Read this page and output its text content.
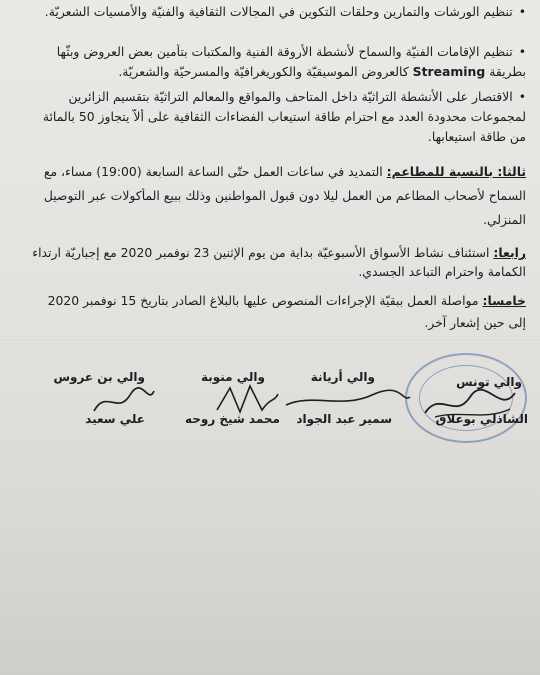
• تنظيم الورشات والتمارين وحلقات التكوين في المجالات الثقافية والفنيّة والأمسيات الشعريّة.
• تنظيم الإقامات الفنيّة والسماح لأنشطة الأروقة الفنية والمكتبات بتأمين بعض العروض وبثّها
بطريقة Streaming كالعروض الموسيقيّة والكوريغرافيّة والمسرحيّة والشعريّة.
• الاقتصار على الأنشطة التراثيّة داخل المتاحف والمواقع والمعالم التراثيّة بتقسيم الزائرين
لمجموعات محدودة العدد مع احترام طاقة استيعاب الفضاءات الثقافية على ألاّ يتجاوز 50 بالمائة
من طاقة استيعابها.
ثالثا: بالنسبة للمطاعم: التمديد في ساعات العمل حتّى الساعة السابعة (19:00) مساء، مع
السماح لأصحاب المطاعم من العمل ليلا دون قبول المواطنين وذلك ببيع المأكولات عبر التوصيل
المنزلي.
رابعا: استئناف نشاط الأسواق الأسبوعيّة بداية من يوم الإثنين 23 نوفمبر 2020 مع إجباريّة ارتداء
الكمامة واحترام التباعد الجسدي.
خامسا: مواصلة العمل ببقيّة الإجراءات المنصوص عليها بالبلاغ الصادر بتاريخ 15 نوفمبر 2020
إلى حين إشعار آخر.
والي تونس
والي أريانة
والي منوبة
والي بن عروس
الشاذلي بوعلاق
سمير عبد الجواد
محمد شيخ روحه
علي سعيد
